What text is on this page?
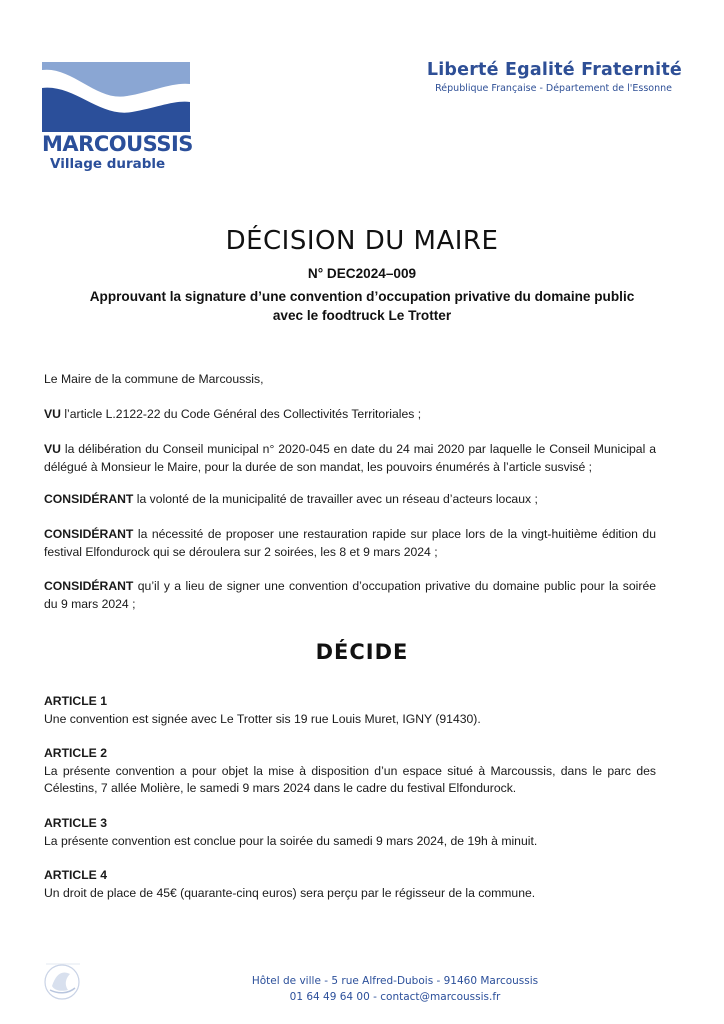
MARCOUSSIS
Village durable
Liberté Egalité Fraternité
République Française - Département de l'Essonne
DÉCISION DU MAIRE
N° DEC2024–009
Approuvant la signature d’une convention d’occupation privative du domaine public
avec le foodtruck Le Trotter

Le Maire de la commune de Marcoussis,

VU l’article L.2122-22 du Code Général des Collectivités Territoriales ;

VU la délibération du Conseil municipal n° 2020-045 en date du 24 mai 2020 par laquelle le Conseil Municipal a délégué à Monsieur le Maire, pour la durée de son mandat, les pouvoirs énumérés à l’article susvisé ;

CONSIDÉRANT la volonté de la municipalité de travailler avec un réseau d’acteurs locaux ;

CONSIDÉRANT la nécessité de proposer une restauration rapide sur place lors de la vingt-huitième édition du festival Elfondurock qui se déroulera sur 2 soirées, les 8 et 9 mars 2024 ;

CONSIDÉRANT qu’il y a lieu de signer une convention d’occupation privative du domaine public pour la soirée du 9 mars 2024 ;

DÉCIDE

ARTICLE 1

Une convention est signée avec Le Trotter sis 19 rue Louis Muret, IGNY (91430).

ARTICLE 2

La présente convention a pour objet la mise à disposition d’un espace situé à Marcoussis, dans le parc des Célestins, 7 allée Molière, le samedi 9 mars 2024 dans le cadre du festival Elfondurock.

ARTICLE 3

La présente convention est conclue pour la soirée du samedi 9 mars 2024, de 19h à minuit.

ARTICLE 4

Un droit de place de 45€ (quarante-cinq euros) sera perçu par le régisseur de la commune.

Hôtel de ville - 5 rue Alfred-Dubois - 91460 Marcoussis
01 64 49 64 00 - contact@marcoussis.fr
